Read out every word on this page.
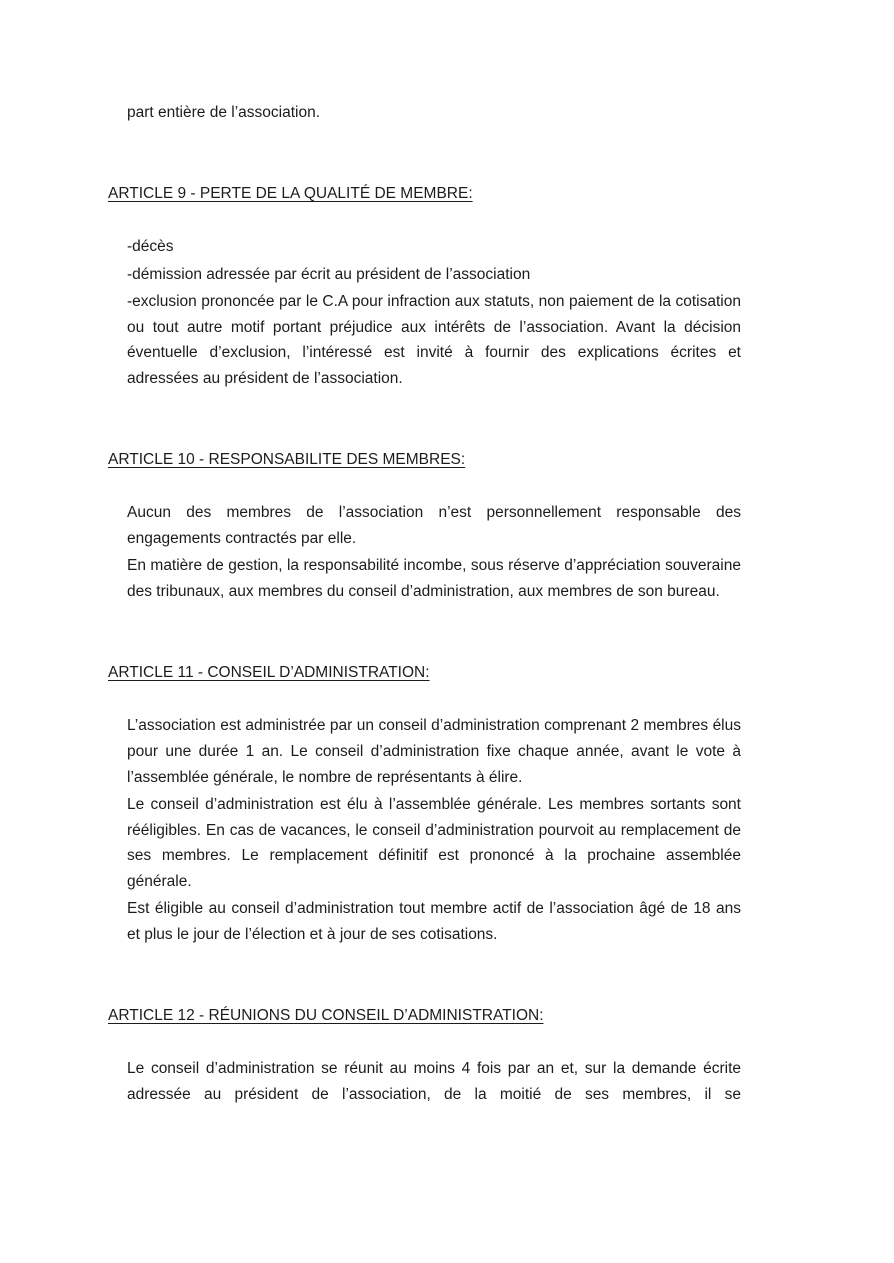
part entière de l’association.

ARTICLE 9 - PERTE DE LA QUALITÉ DE MEMBRE:

-décès

-démission adressée par écrit au président de l’association

-exclusion prononcée par le C.A pour infraction aux statuts, non paiement de la cotisation ou tout autre motif portant préjudice aux intérêts de l’association. Avant la décision éventuelle d’exclusion, l’intéressé est invité à fournir des explications écrites et adressées au président de l’association.

ARTICLE 10 - RESPONSABILITE DES MEMBRES:

Aucun des membres de l’association n’est personnellement responsable des engagements contractés par elle.

En matière de gestion, la responsabilité incombe, sous réserve d’appréciation souveraine des tribunaux, aux membres du conseil d’administration, aux membres de son bureau.

ARTICLE 11 - CONSEIL D’ADMINISTRATION:

L’association est administrée par un conseil d’administration comprenant 2 membres élus pour une durée 1 an. Le conseil d’administration fixe chaque année, avant le vote à l’assemblée générale, le nombre de représentants à élire.

Le conseil d’administration est élu à l’assemblée générale. Les membres sortants sont rééligibles. En cas de vacances, le conseil d’administration pourvoit au remplacement de ses membres. Le remplacement définitif est prononcé à la prochaine assemblée générale.

Est éligible au conseil d’administration tout membre actif de l’association âgé de 18 ans et plus le jour de l’élection et à jour de ses cotisations.

ARTICLE 12 - RÉUNIONS DU CONSEIL D’ADMINISTRATION:

Le conseil d’administration se réunit au moins 4 fois par an et, sur la demande écrite adressée au président de l’association, de la moitié de ses membres, il se
